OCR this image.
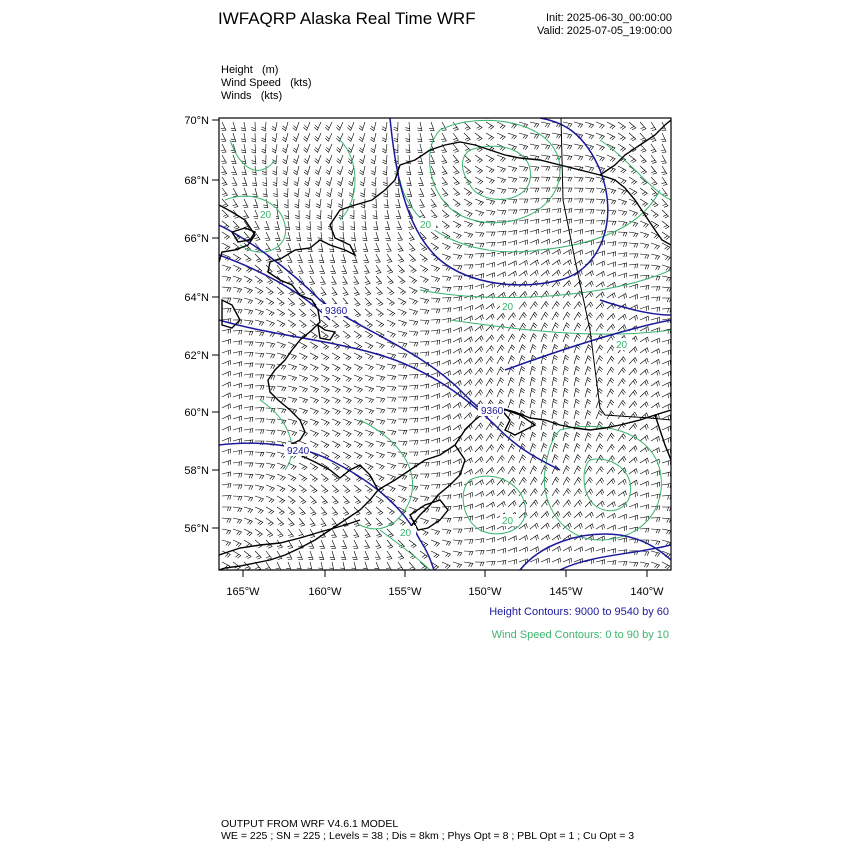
IWFAQRP Alaska Real Time WRF	Init: 2025-06-30_00:00:00
Valid: 2025-07-05_19:00:00
Height   (m)
Wind Speed   (kts)
Winds   (kts)
9360
9240
9360
20
20
20
20
20
20
70°N
68°N
66°N
64°N
62°N
60°N
58°N
56°N
165°W	160°W	155°W	150°W	145°W	140°W
Height Contours: 9000 to 9540 by 60
Wind Speed Contours: 0 to 90 by 10
OUTPUT FROM WRF V4.6.1 MODEL
WE = 225 ; SN = 225 ; Levels = 38 ; Dis = 8km ; Phys Opt = 8 ; PBL Opt = 1 ; Cu Opt = 3
